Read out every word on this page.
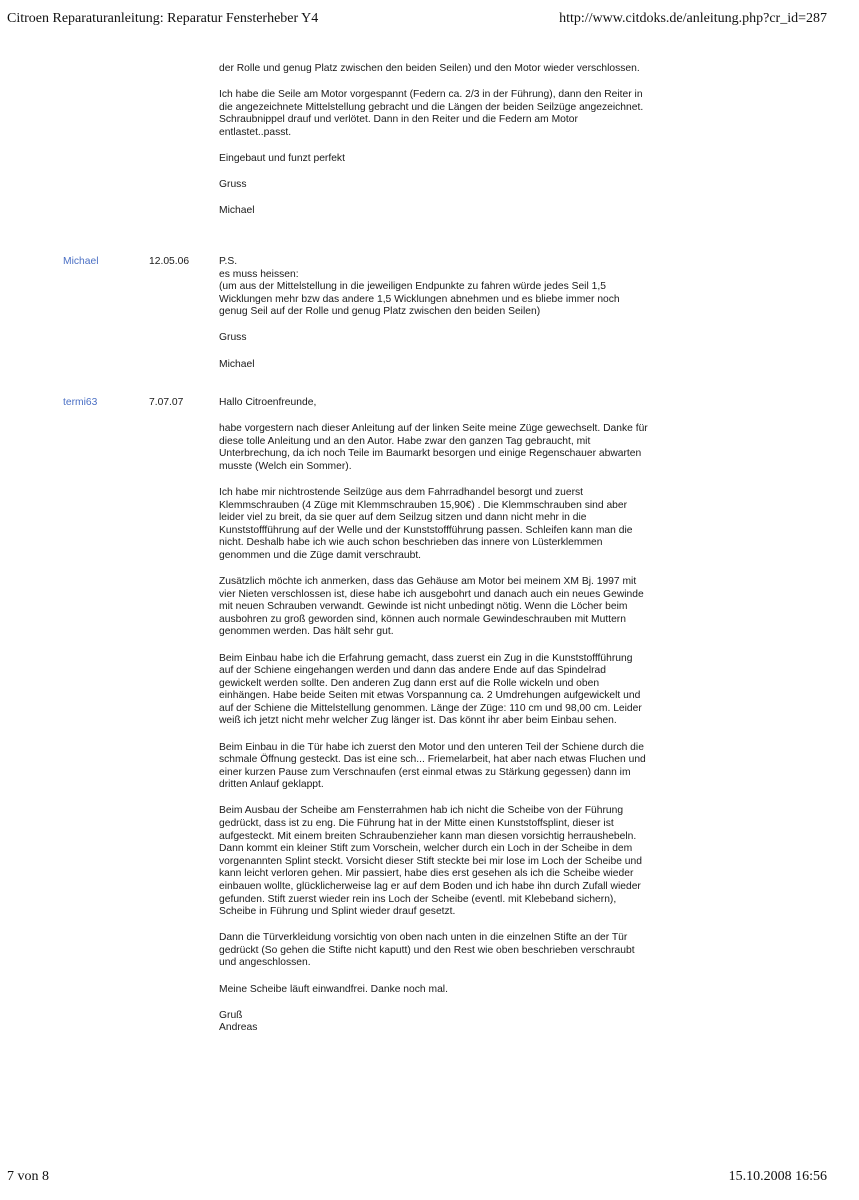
Citroen Reparaturanleitung: Reparatur Fensterheber Y4	http://www.citdoks.de/anleitung.php?cr_id=287

der Rolle und genug Platz zwischen den beiden Seilen) und den Motor wieder verschlossen.

Ich habe die Seile am Motor vorgespannt (Federn ca. 2/3 in der Führung), dann den Reiter in die angezeichnete Mittelstellung gebracht und die Längen der beiden Seilzüge angezeichnet. Schraubnippel drauf und verlötet. Dann in den Reiter und die Federn am Motor entlastet..passt.

Eingebaut und funzt perfekt

Gruss

Michael

Michael	12.05.06	P.S.
es muss heissen:
(um aus der Mittelstellung in die jeweiligen Endpunkte zu fahren würde jedes Seil 1,5 Wicklungen mehr bzw das andere 1,5 Wicklungen abnehmen und es bliebe immer noch genug Seil auf der Rolle und genug Platz zwischen den beiden Seilen)

Gruss

Michael

termi63	7.07.07	Hallo Citroenfreunde,

habe vorgestern nach dieser Anleitung auf der linken Seite meine Züge gewechselt. Danke für diese tolle Anleitung und an den Autor. Habe zwar den ganzen Tag gebraucht, mit Unterbrechung, da ich noch Teile im Baumarkt besorgen und einige Regenschauer abwarten musste (Welch ein Sommer).

Ich habe mir nichtrostende Seilzüge aus dem Fahrradhandel besorgt und zuerst Klemmschrauben (4 Züge mit Klemmschrauben 15,90€) . Die Klemmschrauben sind aber leider viel zu breit, da sie quer auf dem Seilzug sitzen und dann nicht mehr in die Kunststoffführung auf der Welle und der Kunststoffführung passen. Schleifen kann man die nicht. Deshalb habe ich wie auch schon beschrieben das innere von Lüsterklemmen genommen und die Züge damit verschraubt.

Zusätzlich möchte ich anmerken, dass das Gehäuse am Motor bei meinem XM Bj. 1997 mit vier Nieten verschlossen ist, diese habe ich ausgebohrt und danach auch ein neues Gewinde mit neuen Schrauben verwandt. Gewinde ist nicht unbedingt nötig. Wenn die Löcher beim ausbohren zu groß geworden sind, können auch normale Gewindeschrauben mit Muttern genommen werden. Das hält sehr gut.

Beim Einbau habe ich die Erfahrung gemacht, dass zuerst ein Zug in die Kunststoffführung auf der Schiene eingehangen werden und dann das andere Ende auf das Spindelrad gewickelt werden sollte. Den anderen Zug dann erst auf die Rolle wickeln und oben einhängen. Habe beide Seiten mit etwas Vorspannung ca. 2 Umdrehungen aufgewickelt und auf der Schiene die Mittelstellung genommen. Länge der Züge: 110 cm und 98,00 cm. Leider weiß ich jetzt nicht mehr welcher Zug länger ist. Das könnt ihr aber beim Einbau sehen.

Beim Einbau in die Tür habe ich zuerst den Motor und den unteren Teil der Schiene durch die schmale Öffnung gesteckt. Das ist eine sch... Friemelarbeit, hat aber nach etwas Fluchen und einer kurzen Pause zum Verschnaufen (erst einmal etwas zu Stärkung gegessen) dann im dritten Anlauf geklappt.

Beim Ausbau der Scheibe am Fensterrahmen hab ich nicht die Scheibe von der Führung gedrückt, dass ist zu eng. Die Führung hat in der Mitte einen Kunststoffsplint, dieser ist aufgesteckt. Mit einem breiten Schraubenzieher kann man diesen vorsichtig herraushebeln. Dann kommt ein kleiner Stift zum Vorschein, welcher durch ein Loch in der Scheibe in dem vorgenannten Splint steckt. Vorsicht dieser Stift steckte bei mir lose im Loch der Scheibe und kann leicht verloren gehen. Mir passiert, habe dies erst gesehen als ich die Scheibe wieder einbauen wollte, glücklicherweise lag er auf dem Boden und ich habe ihn durch Zufall wieder gefunden. Stift zuerst wieder rein ins Loch der Scheibe (eventl. mit Klebeband sichern), Scheibe in Führung und Splint wieder drauf gesetzt.

Dann die Türverkleidung vorsichtig von oben nach unten in die einzelnen Stifte an der Tür gedrückt (So gehen die Stifte nicht kaputt) und den Rest wie oben beschrieben verschraubt und angeschlossen.

Meine Scheibe läuft einwandfrei. Danke noch mal.

Gruß
Andreas

7 von 8	15.10.2008 16:56
